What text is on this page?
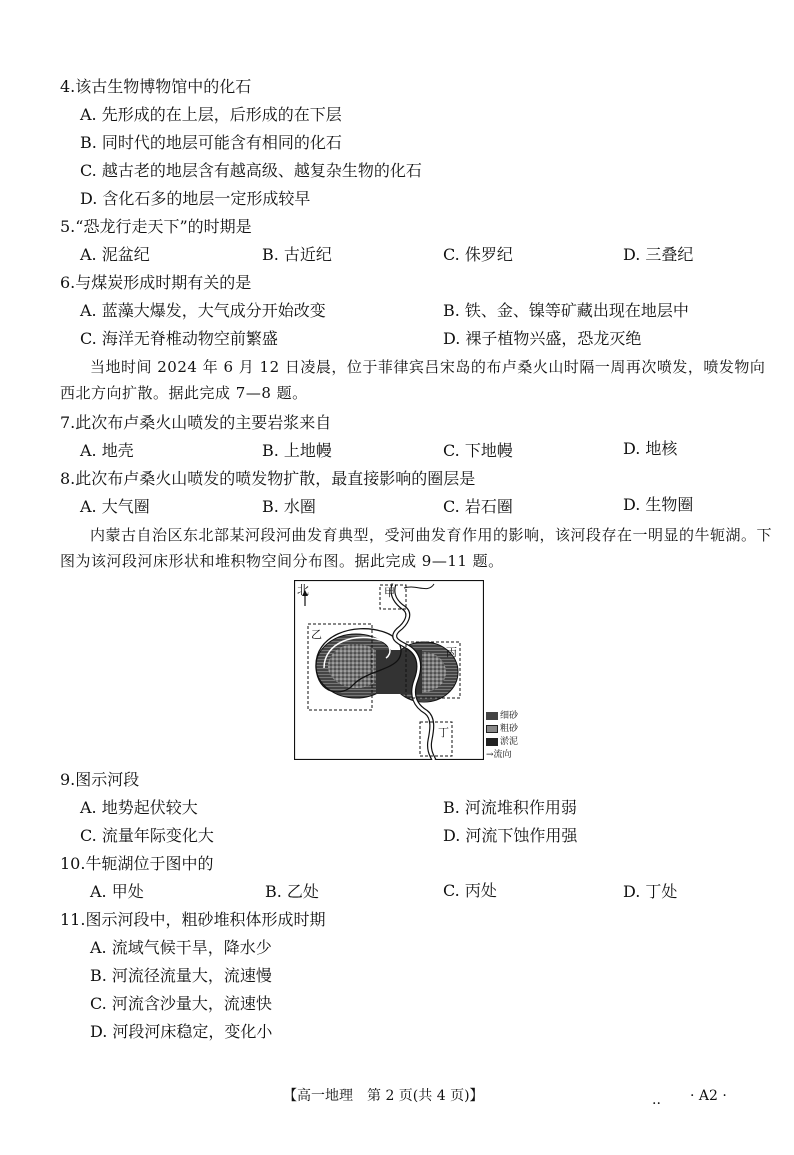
4.该古生物博物馆中的化石
A. 先形成的在上层，后形成的在下层
B. 同时代的地层可能含有相同的化石
C. 越古老的地层含有越高级、越复杂生物的化石
D. 含化石多的地层一定形成较早
5.“恐龙行走天下”的时期是
A. 泥盆纪	B. 古近纪	C. 侏罗纪	D. 三叠纪
6.与煤炭形成时期有关的是
A. 蓝藻大爆发，大气成分开始改变	B. 铁、金、镍等矿藏出现在地层中
C. 海洋无脊椎动物空前繁盛	D. 裸子植物兴盛，恐龙灭绝
当地时间 2024 年 6 月 12 日凌晨，位于菲律宾吕宋岛的布卢桑火山时隔一周再次喷发，喷发物向西北方向扩散。据此完成 7—8 题。
7.此次布卢桑火山喷发的主要岩浆来自
A. 地壳	B. 上地幔	C. 下地幔	D. 地核
8.此次布卢桑火山喷发的喷发物扩散，最直接影响的圈层是
A. 大气圈	B. 水圈	C. 岩石圈	D. 生物圈
内蒙古自治区东北部某河段河曲发育典型，受河曲发育作用的影响，该河段存在一明显的牛轭湖。下图为该河段河床形状和堆积物空间分布图。据此完成 9—11 题。
北	甲
乙
丙
丁
细砂
粗砂
淤泥
→流向
9.图示河段
A. 地势起伏较大	B. 河流堆积作用弱
C. 流量年际变化大	D. 河流下蚀作用强
10.牛轭湖位于图中的
A. 甲处	B. 乙处	C. 丙处	D. 丁处
11.图示河段中，粗砂堆积体形成时期
A. 流域气候干旱，降水少
B. 河流径流量大，流速慢
C. 河流含沙量大，流速快
D. 河段河床稳定，变化小
【高一地理　第 2 页(共 4 页)】	.. · A2 ·
